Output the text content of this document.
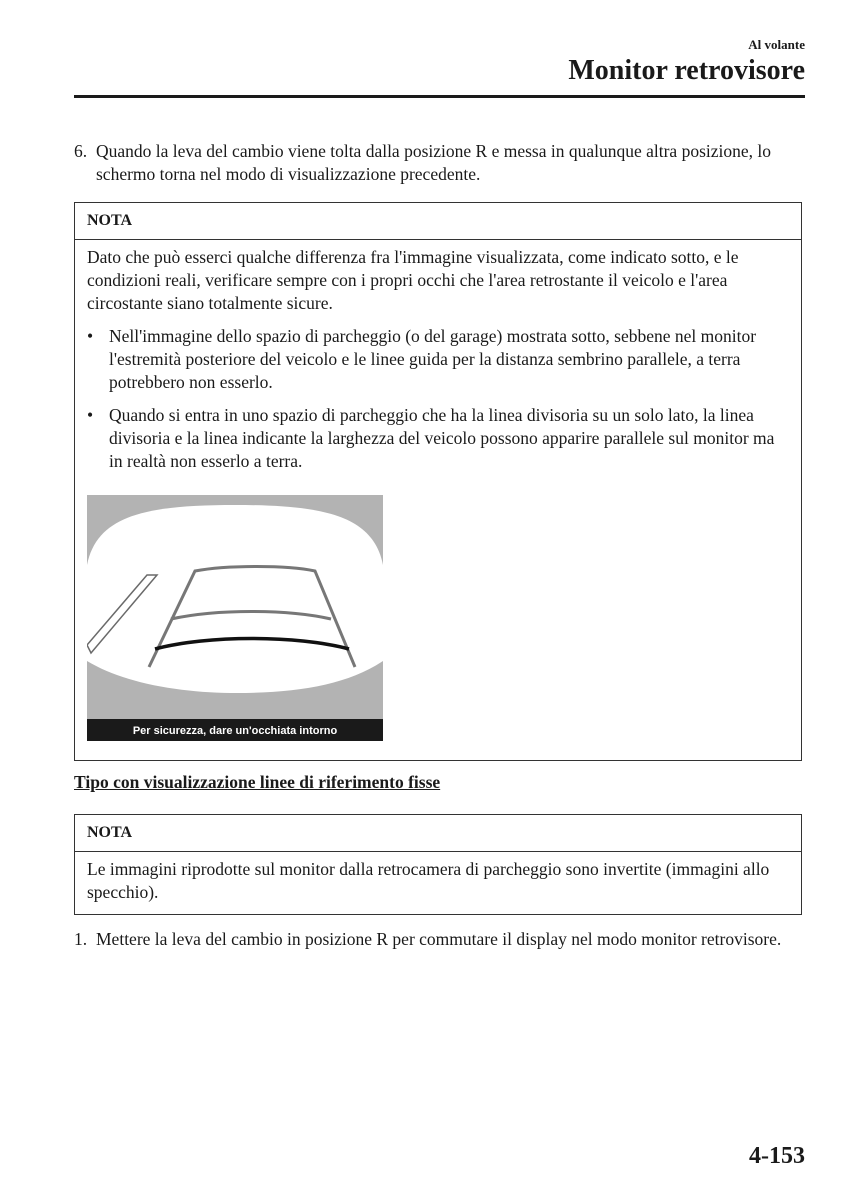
Al volante
Monitor retrovisore
6. Quando la leva del cambio viene tolta dalla posizione R e messa in qualunque altra posizione, lo schermo torna nel modo di visualizzazione precedente.
NOTA

Dato che può esserci qualche differenza fra l'immagine visualizzata, come indicato sotto, e le condizioni reali, verificare sempre con i propri occhi che l'area retrostante il veicolo e l'area circostante siano totalmente sicure.

• Nell'immagine dello spazio di parcheggio (o del garage) mostrata sotto, sebbene nel monitor l'estremità posteriore del veicolo e le linee guida per la distanza sembrino parallele, a terra potrebbero non esserlo.
• Quando si entra in uno spazio di parcheggio che ha la linea divisoria su un solo lato, la linea divisoria e la linea indicante la larghezza del veicolo possono apparire parallele sul monitor ma in realtà non esserlo a terra.
Per sicurezza, dare un'occhiata intorno
Tipo con visualizzazione linee di riferimento fisse
NOTA

Le immagini riprodotte sul monitor dalla retrocamera di parcheggio sono invertite (immagini allo specchio).

1. Mettere la leva del cambio in posizione R per commutare il display nel modo monitor retrovisore.
4-153
